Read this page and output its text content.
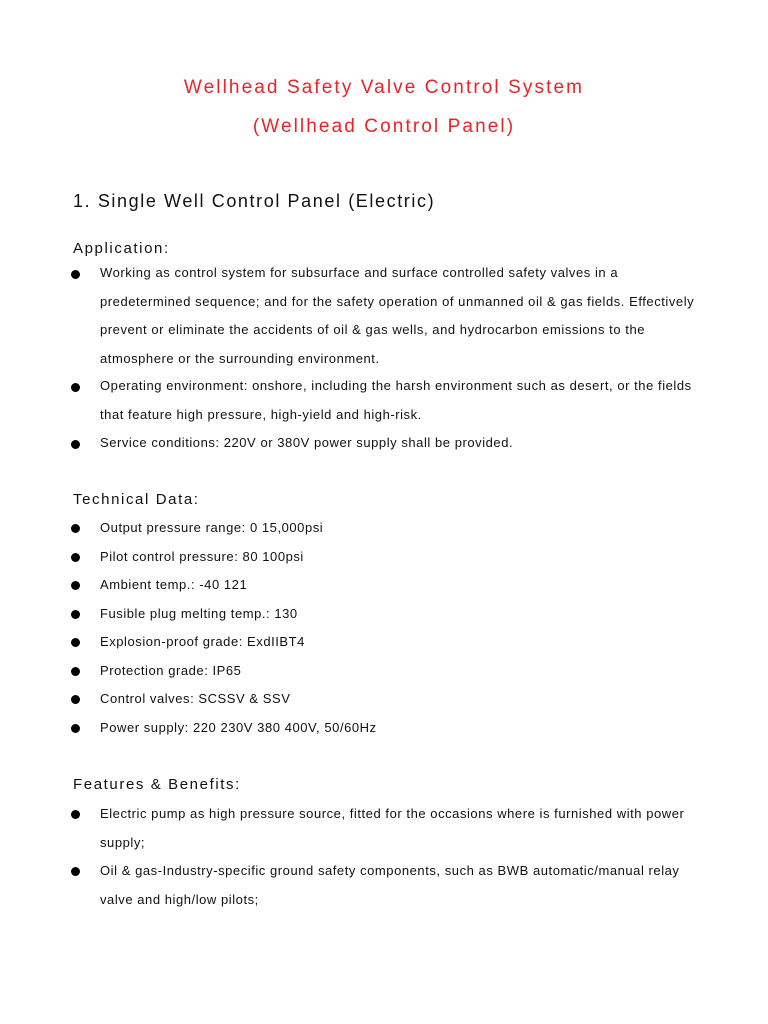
Wellhead Safety Valve Control System
(Wellhead Control Panel)
1. Single Well Control Panel (Electric)
Application:
Working as control system for subsurface and surface controlled safety valves in a predetermined sequence; and for the safety operation of unmanned oil & gas fields. Effectively prevent or eliminate the accidents of oil & gas wells, and hydrocarbon emissions to the atmosphere or the surrounding environment.
Operating environment: onshore, including the harsh environment such as desert, or the fields that feature high pressure, high-yield and high-risk.
Service conditions: 220V or 380V power supply shall be provided.
Technical Data:
Output pressure range: 0 15,000psi
Pilot control pressure: 80 100psi
Ambient temp.: -40 121
Fusible plug melting temp.: 130
Explosion-proof grade: ExdIIBT4
Protection grade: IP65
Control valves: SCSSV & SSV
Power supply: 220 230V 380 400V, 50/60Hz
Features & Benefits:
Electric pump as high pressure source, fitted for the occasions where is furnished with power supply;
Oil & gas-Industry-specific ground safety components, such as BWB automatic/manual relay valve and high/low pilots;
